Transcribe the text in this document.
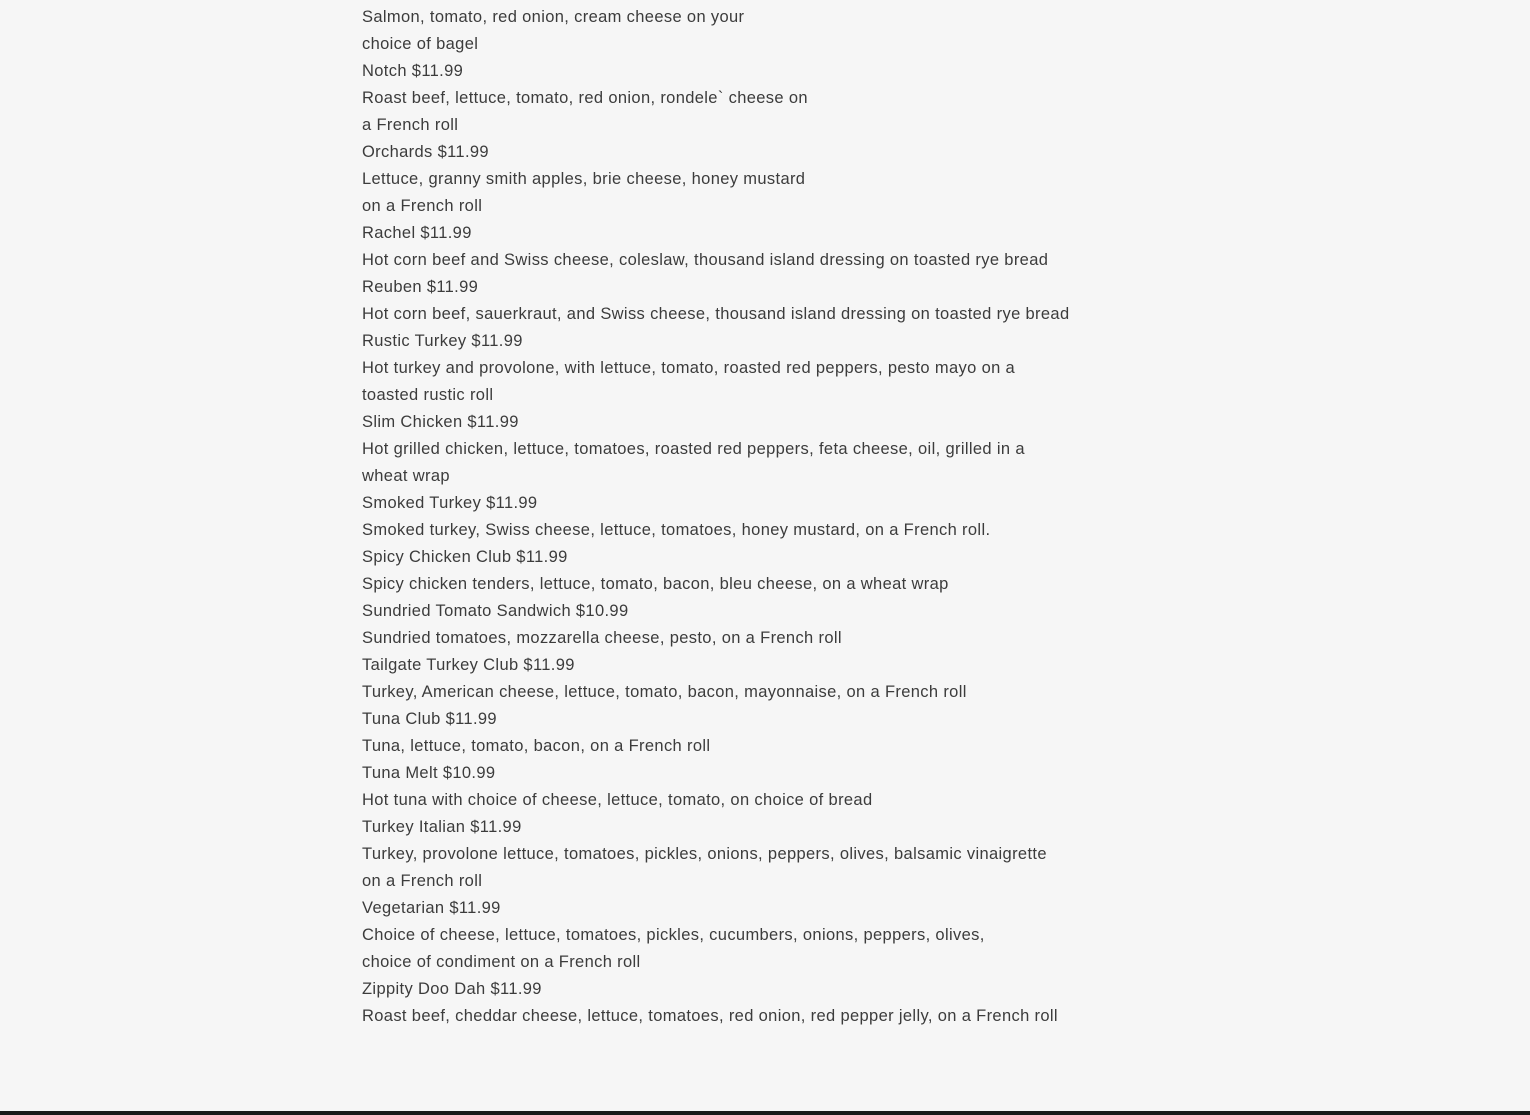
Salmon, tomato, red onion, cream cheese on your
choice of bagel
Notch $11.99
Roast beef, lettuce, tomato, red onion, rondele` cheese on
a French roll
Orchards $11.99
Lettuce, granny smith apples, brie cheese, honey mustard
on a French roll
Rachel $11.99
Hot corn beef and Swiss cheese, coleslaw, thousand island dressing on toasted rye bread
Reuben $11.99
Hot corn beef, sauerkraut, and Swiss cheese, thousand island dressing on toasted rye bread
Rustic Turkey $11.99
Hot turkey and provolone, with lettuce, tomato, roasted red peppers, pesto mayo on a
toasted rustic roll
Slim Chicken $11.99
Hot grilled chicken, lettuce, tomatoes, roasted red peppers, feta cheese, oil, grilled in a
wheat wrap
Smoked Turkey $11.99
Smoked turkey, Swiss cheese, lettuce, tomatoes, honey mustard, on a French roll.
Spicy Chicken Club $11.99
Spicy chicken tenders, lettuce, tomato, bacon, bleu cheese, on a wheat wrap
Sundried Tomato Sandwich $10.99
Sundried tomatoes, mozzarella cheese, pesto, on a French roll
Tailgate Turkey Club $11.99
Turkey, American cheese, lettuce, tomato, bacon, mayonnaise, on a French roll
Tuna Club $11.99
Tuna, lettuce, tomato, bacon, on a French roll
Tuna Melt $10.99
Hot tuna with choice of cheese, lettuce, tomato, on choice of bread
Turkey Italian $11.99
Turkey, provolone lettuce, tomatoes, pickles, onions, peppers, olives, balsamic vinaigrette
on a French roll
Vegetarian $11.99
Choice of cheese, lettuce, tomatoes, pickles, cucumbers, onions, peppers, olives,
choice of condiment on a French roll
Zippity Doo Dah $11.99
Roast beef, cheddar cheese, lettuce, tomatoes, red onion, red pepper jelly, on a French roll
